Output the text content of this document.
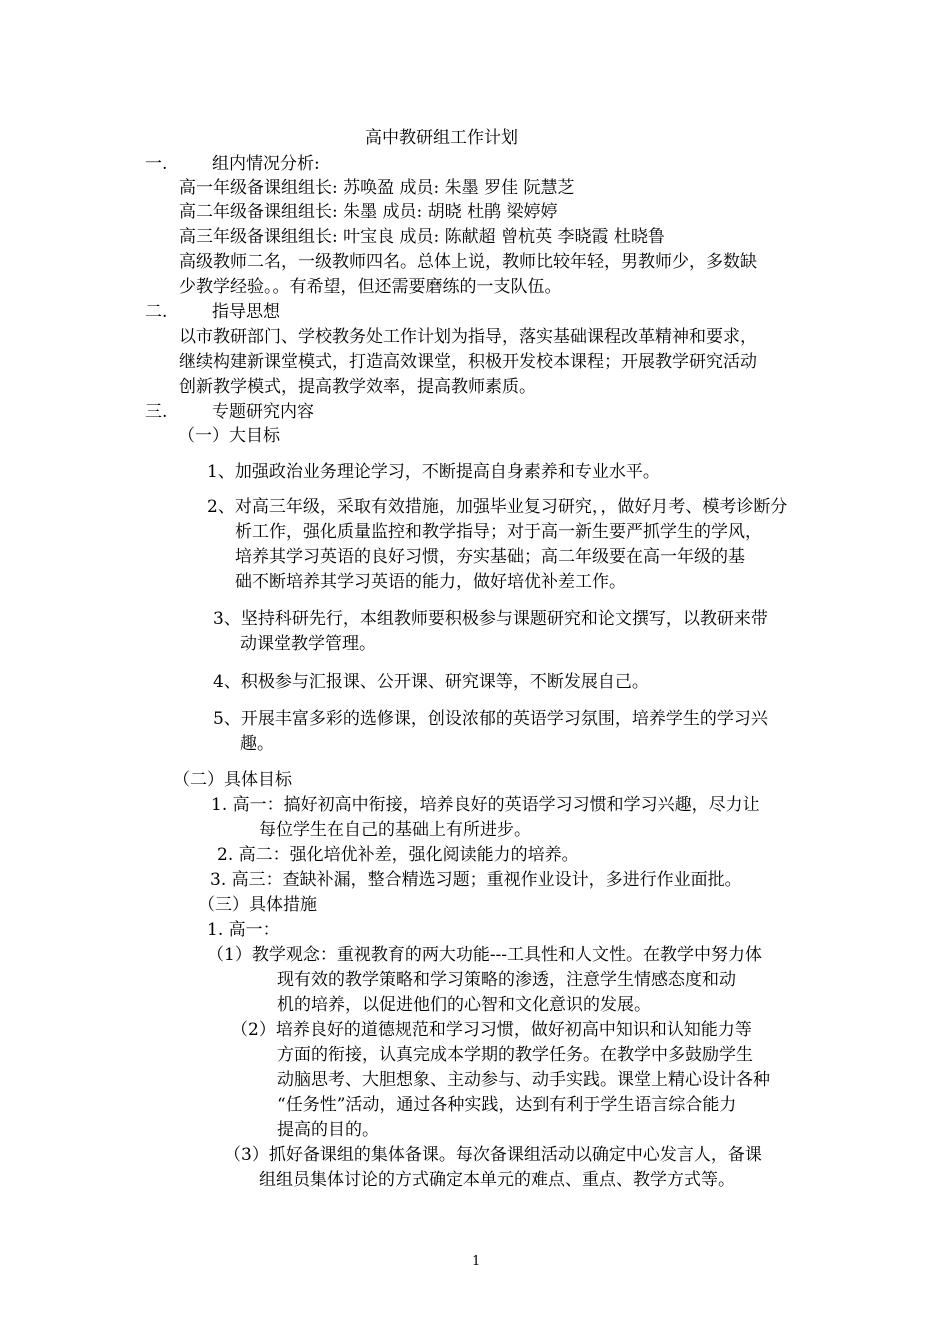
高中教研组工作计划
一.	组内情况分析:
高一年级备课组组长: 苏唤盈 成员: 朱墨 罗佳 阮慧芝
高二年级备课组组长: 朱墨 成员: 胡晓 杜鹃 梁婷婷
高三年级备课组组长: 叶宝良 成员: 陈献超 曾杭英 李晓霞 杜晓鲁
高级教师二名，一级教师四名。总体上说，教师比较年轻，男教师少，多数缺
少教学经验。。有希望，但还需要磨练的一支队伍。
二.	指导思想
以市教研部门、学校教务处工作计划为指导，落实基础课程改革精神和要求，
继续构建新课堂模式，打造高效课堂，积极开发校本课程；开展教学研究活动
创新教学模式，提高教学效率，提高教师素质。
三.	专题研究内容
（一）大目标
1、加强政治业务理论学习，不断提高自身素养和专业水平。
2、对高三年级，采取有效措施，加强毕业复习研究，，做好月考、模考诊断分
析工作，强化质量监控和教学指导；对于高一新生要严抓学生的学风，
培养其学习英语的良好习惯，夯实基础；高二年级要在高一年级的基
础不断培养其学习英语的能力，做好培优补差工作。
3、坚持科研先行，本组教师要积极参与课题研究和论文撰写，以教研来带
动课堂教学管理。
4、积极参与汇报课、公开课、研究课等，不断发展自己。
5、开展丰富多彩的选修课，创设浓郁的英语学习氛围，培养学生的学习兴
趣。
（二）具体目标
1. 高一：搞好初高中衔接，培养良好的英语学习习惯和学习兴趣，尽力让
每位学生在自己的基础上有所进步。
2. 高二：强化培优补差，强化阅读能力的培养。
3. 高三：查缺补漏，整合精选习题；重视作业设计，多进行作业面批。
（三）具体措施
1. 高一：
（1）教学观念：重视教育的两大功能---工具性和人文性。在教学中努力体
现有效的教学策略和学习策略的渗透，注意学生情感态度和动
机的培养，以促进他们的心智和文化意识的发展。
（2）培养良好的道德规范和学习习惯，做好初高中知识和认知能力等
方面的衔接，认真完成本学期的教学任务。在教学中多鼓励学生
动脑思考、大胆想象、主动参与、动手实践。课堂上精心设计各种
“任务性”活动，通过各种实践，达到有利于学生语言综合能力
提高的目的。
（3）抓好备课组的集体备课。每次备课组活动以确定中心发言人，备课
组组员集体讨论的方式确定本单元的难点、重点、教学方式等。
1
